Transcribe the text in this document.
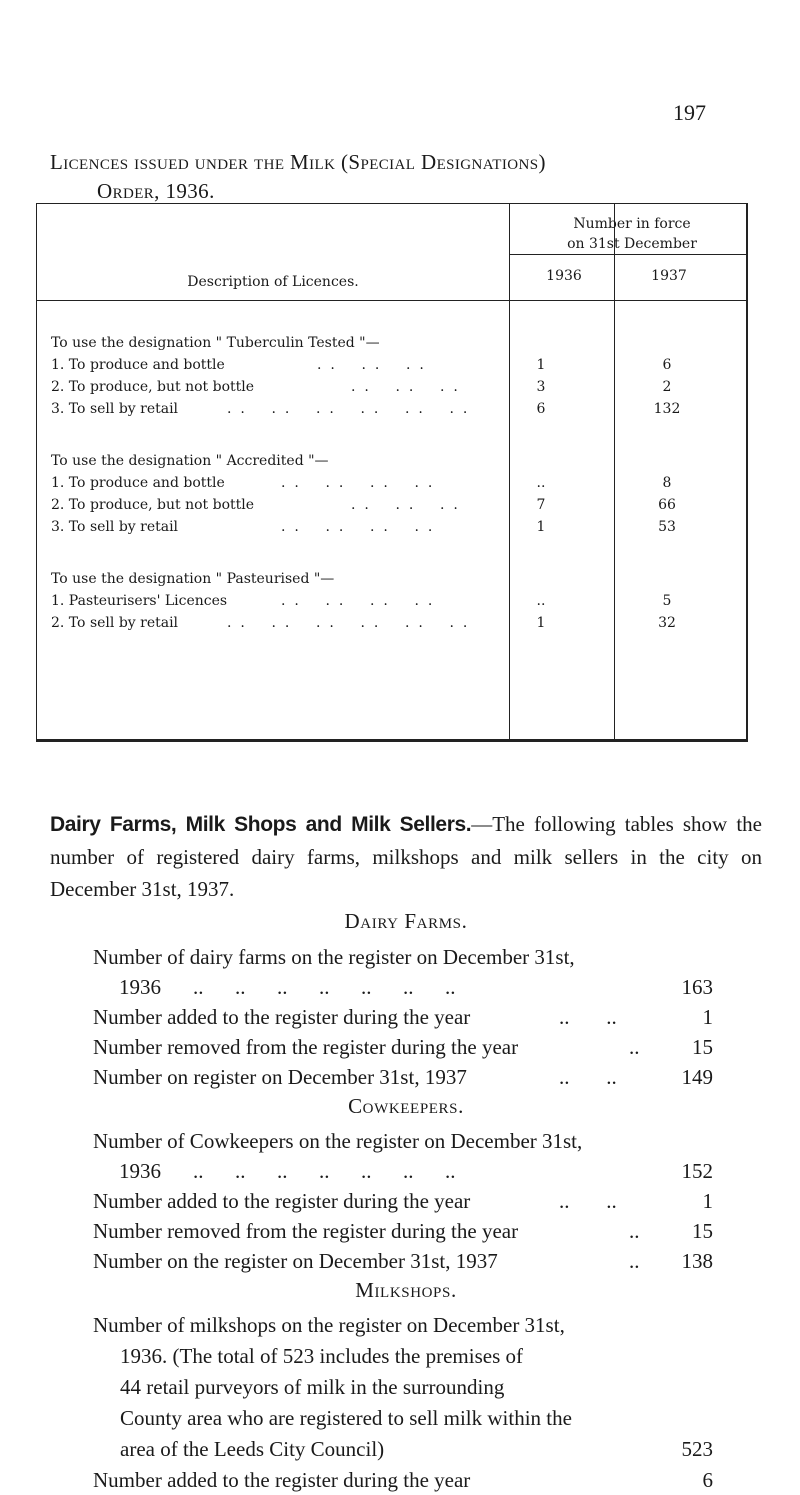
197
Licences issued under the Milk (Special Designations)
Order, 1936.
Description of Licences.
Number in force
on 31st December
1936	1937
To use the designation " Tuberculin Tested "—
1. To produce and bottle	.  .      .  .      .  .	1	6
2. To produce, but not bottle	.  .      .  .      .  .	3	2
3. To sell by retail	.  .      .  .      .  .      .  .      .  .      .  .	6	132
To use the designation " Accredited "—
1. To produce and bottle	.  .      .  .      .  .      .  .	..	8
2. To produce, but not bottle	.  .      .  .      .  .	7	66
3. To sell by retail	.  .      .  .      .  .      .  .	1	53
To use the designation " Pasteurised "—
1. Pasteurisers' Licences	.  .      .  .      .  .      .  .	..	5
2. To sell by retail	.  .      .  .      .  .      .  .      .  .      .  .	1	32
Dairy Farms, Milk Shops and Milk Sellers.—The following tables show the number of registered dairy farms, milkshops and milk sellers in the city on December 31st, 1937.
Dairy Farms.
Number of dairy farms on the register on December 31st,
1936 ..      ..      ..      ..      ..      ..      ..	163
Number added to the register during the year	..       ..	1
Number removed from the register during the year	..	15
Number on register on December 31st, 1937	..       ..	149
Cowkeepers.
Number of Cowkeepers on the register on December 31st,
1936 ..      ..      ..      ..      ..      ..      ..	152
Number added to the register during the year	..       ..	1
Number removed from the register during the year	..	15
Number on the register on December 31st, 1937	.. 138
Milkshops.
Number of milkshops on the register on December 31st,
1936. (The total of 523 includes the premises of
44 retail purveyors of milk in the surrounding
County area who are registered to sell milk within the
area of the Leeds City Council)	523
Number added to the register during the year	6
